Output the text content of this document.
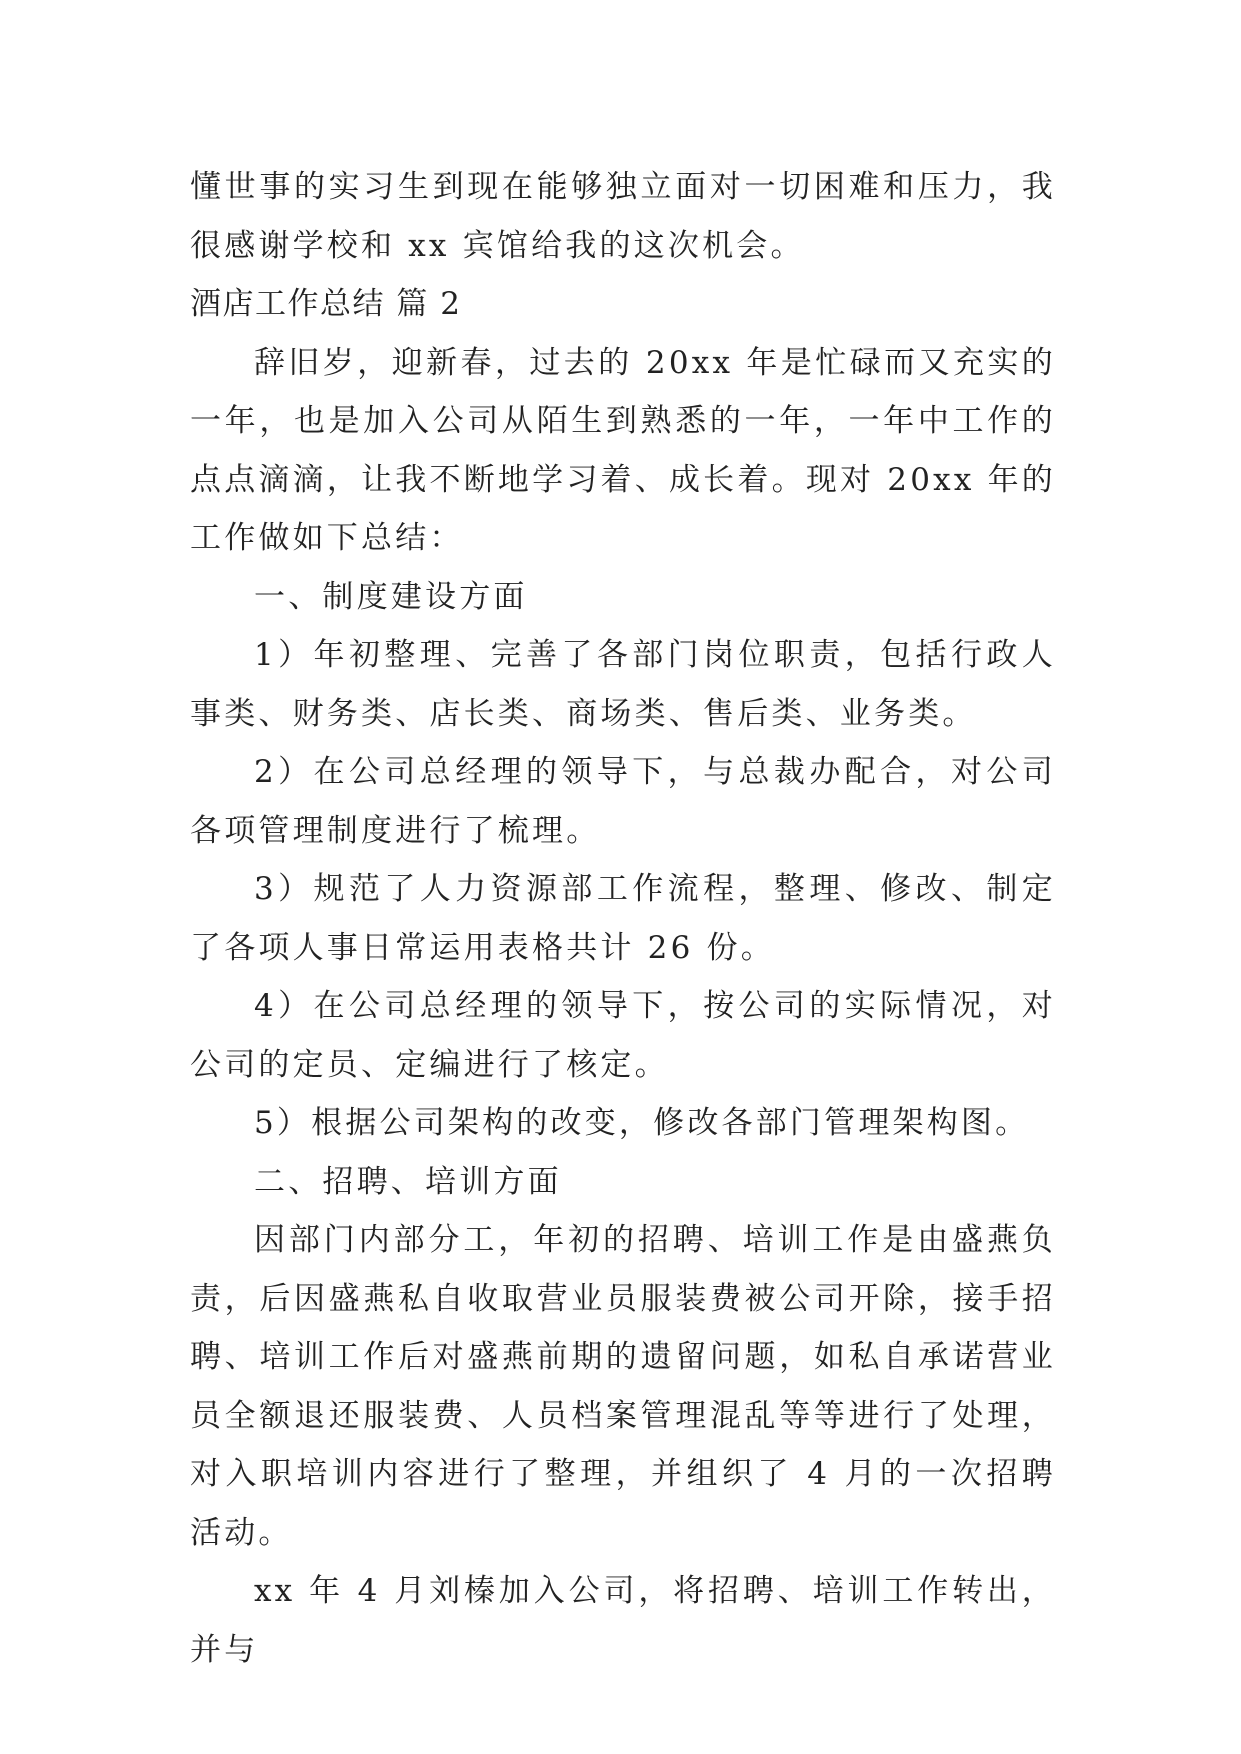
懂世事的实习生到现在能够独立面对一切困难和压力，我很感谢学校和 xx 宾馆给我的这次机会。

酒店工作总结 篇 2

辞旧岁，迎新春，过去的 20xx 年是忙碌而又充实的一年，也是加入公司从陌生到熟悉的一年，一年中工作的点点滴滴，让我不断地学习着、成长着。现对 20xx 年的工作做如下总结：

一、制度建设方面

1）年初整理、完善了各部门岗位职责，包括行政人事类、财务类、店长类、商场类、售后类、业务类。

2）在公司总经理的领导下，与总裁办配合，对公司各项管理制度进行了梳理。

3）规范了人力资源部工作流程，整理、修改、制定了各项人事日常运用表格共计 26 份。

4）在公司总经理的领导下，按公司的实际情况，对公司的定员、定编进行了核定。

5）根据公司架构的改变，修改各部门管理架构图。

二、招聘、培训方面

因部门内部分工，年初的招聘、培训工作是由盛燕负责，后因盛燕私自收取营业员服装费被公司开除，接手招聘、培训工作后对盛燕前期的遗留问题，如私自承诺营业员全额退还服装费、人员档案管理混乱等等进行了处理，对入职培训内容进行了整理，并组织了 4 月的一次招聘活动。

xx 年 4 月刘榛加入公司，将招聘、培训工作转出，并与
